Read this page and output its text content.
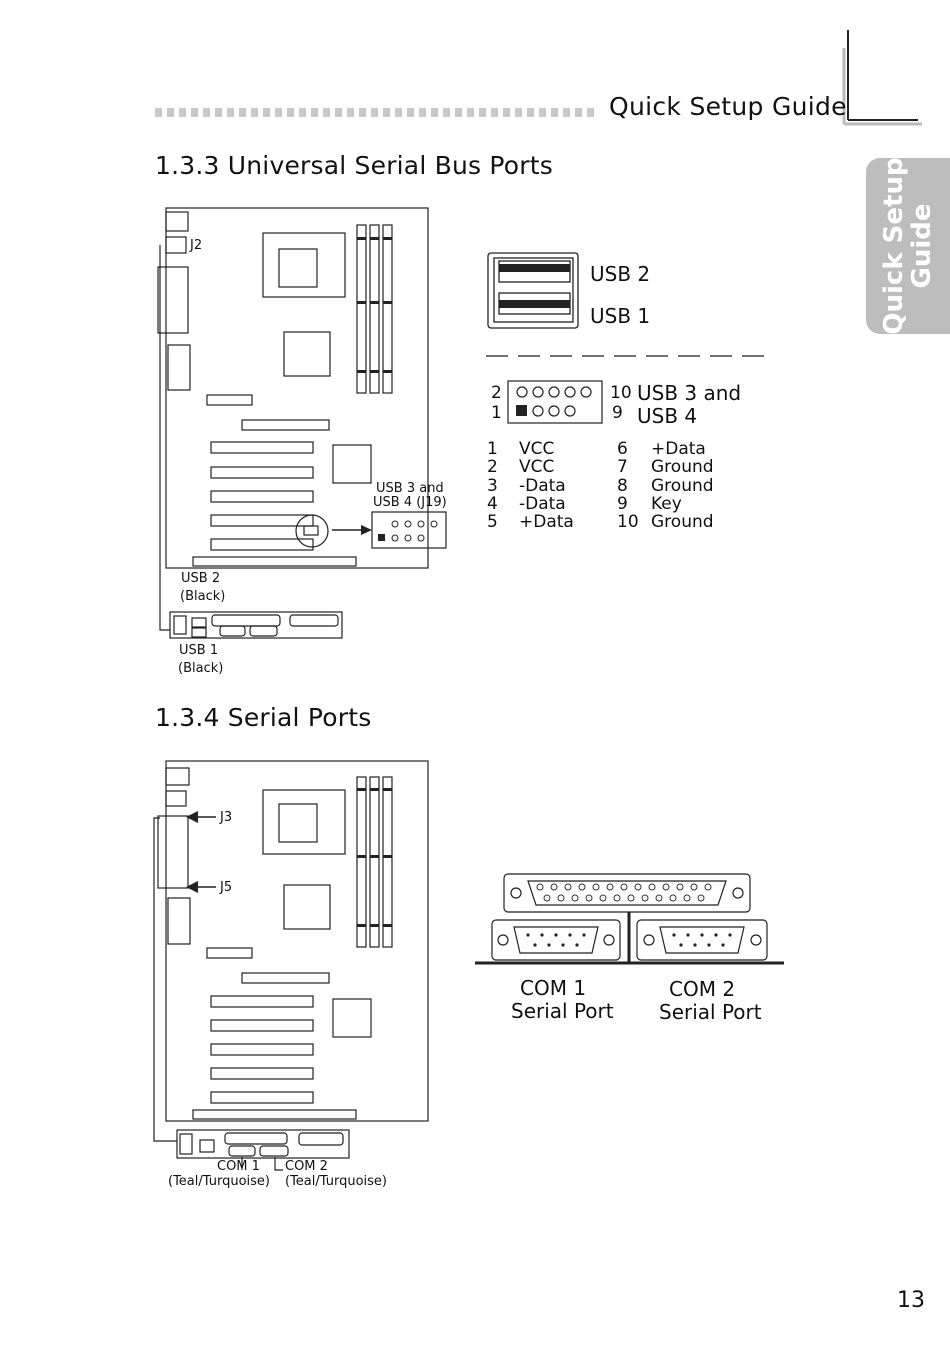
Quick Setup Guide
Quick Setup
Guide
1.3.3 Universal Serial Bus Ports
J2
USB 3 and
USB 4 (J19)
USB 2
(Black)
USB 1
(Black)
USB 2
USB 1
2
1
10
9
USB 3 and
USB 4
1 VCC
2 VCC
3 -Data
4 -Data
5 +Data
6 +Data
7 Ground
8 Ground
9 Key
10 Ground
1.3.4 Serial Ports
J3
J5
COM 1
(Teal/Turquoise)
COM 2
(Teal/Turquoise)
COM 1
Serial Port
COM 2
Serial Port
13
